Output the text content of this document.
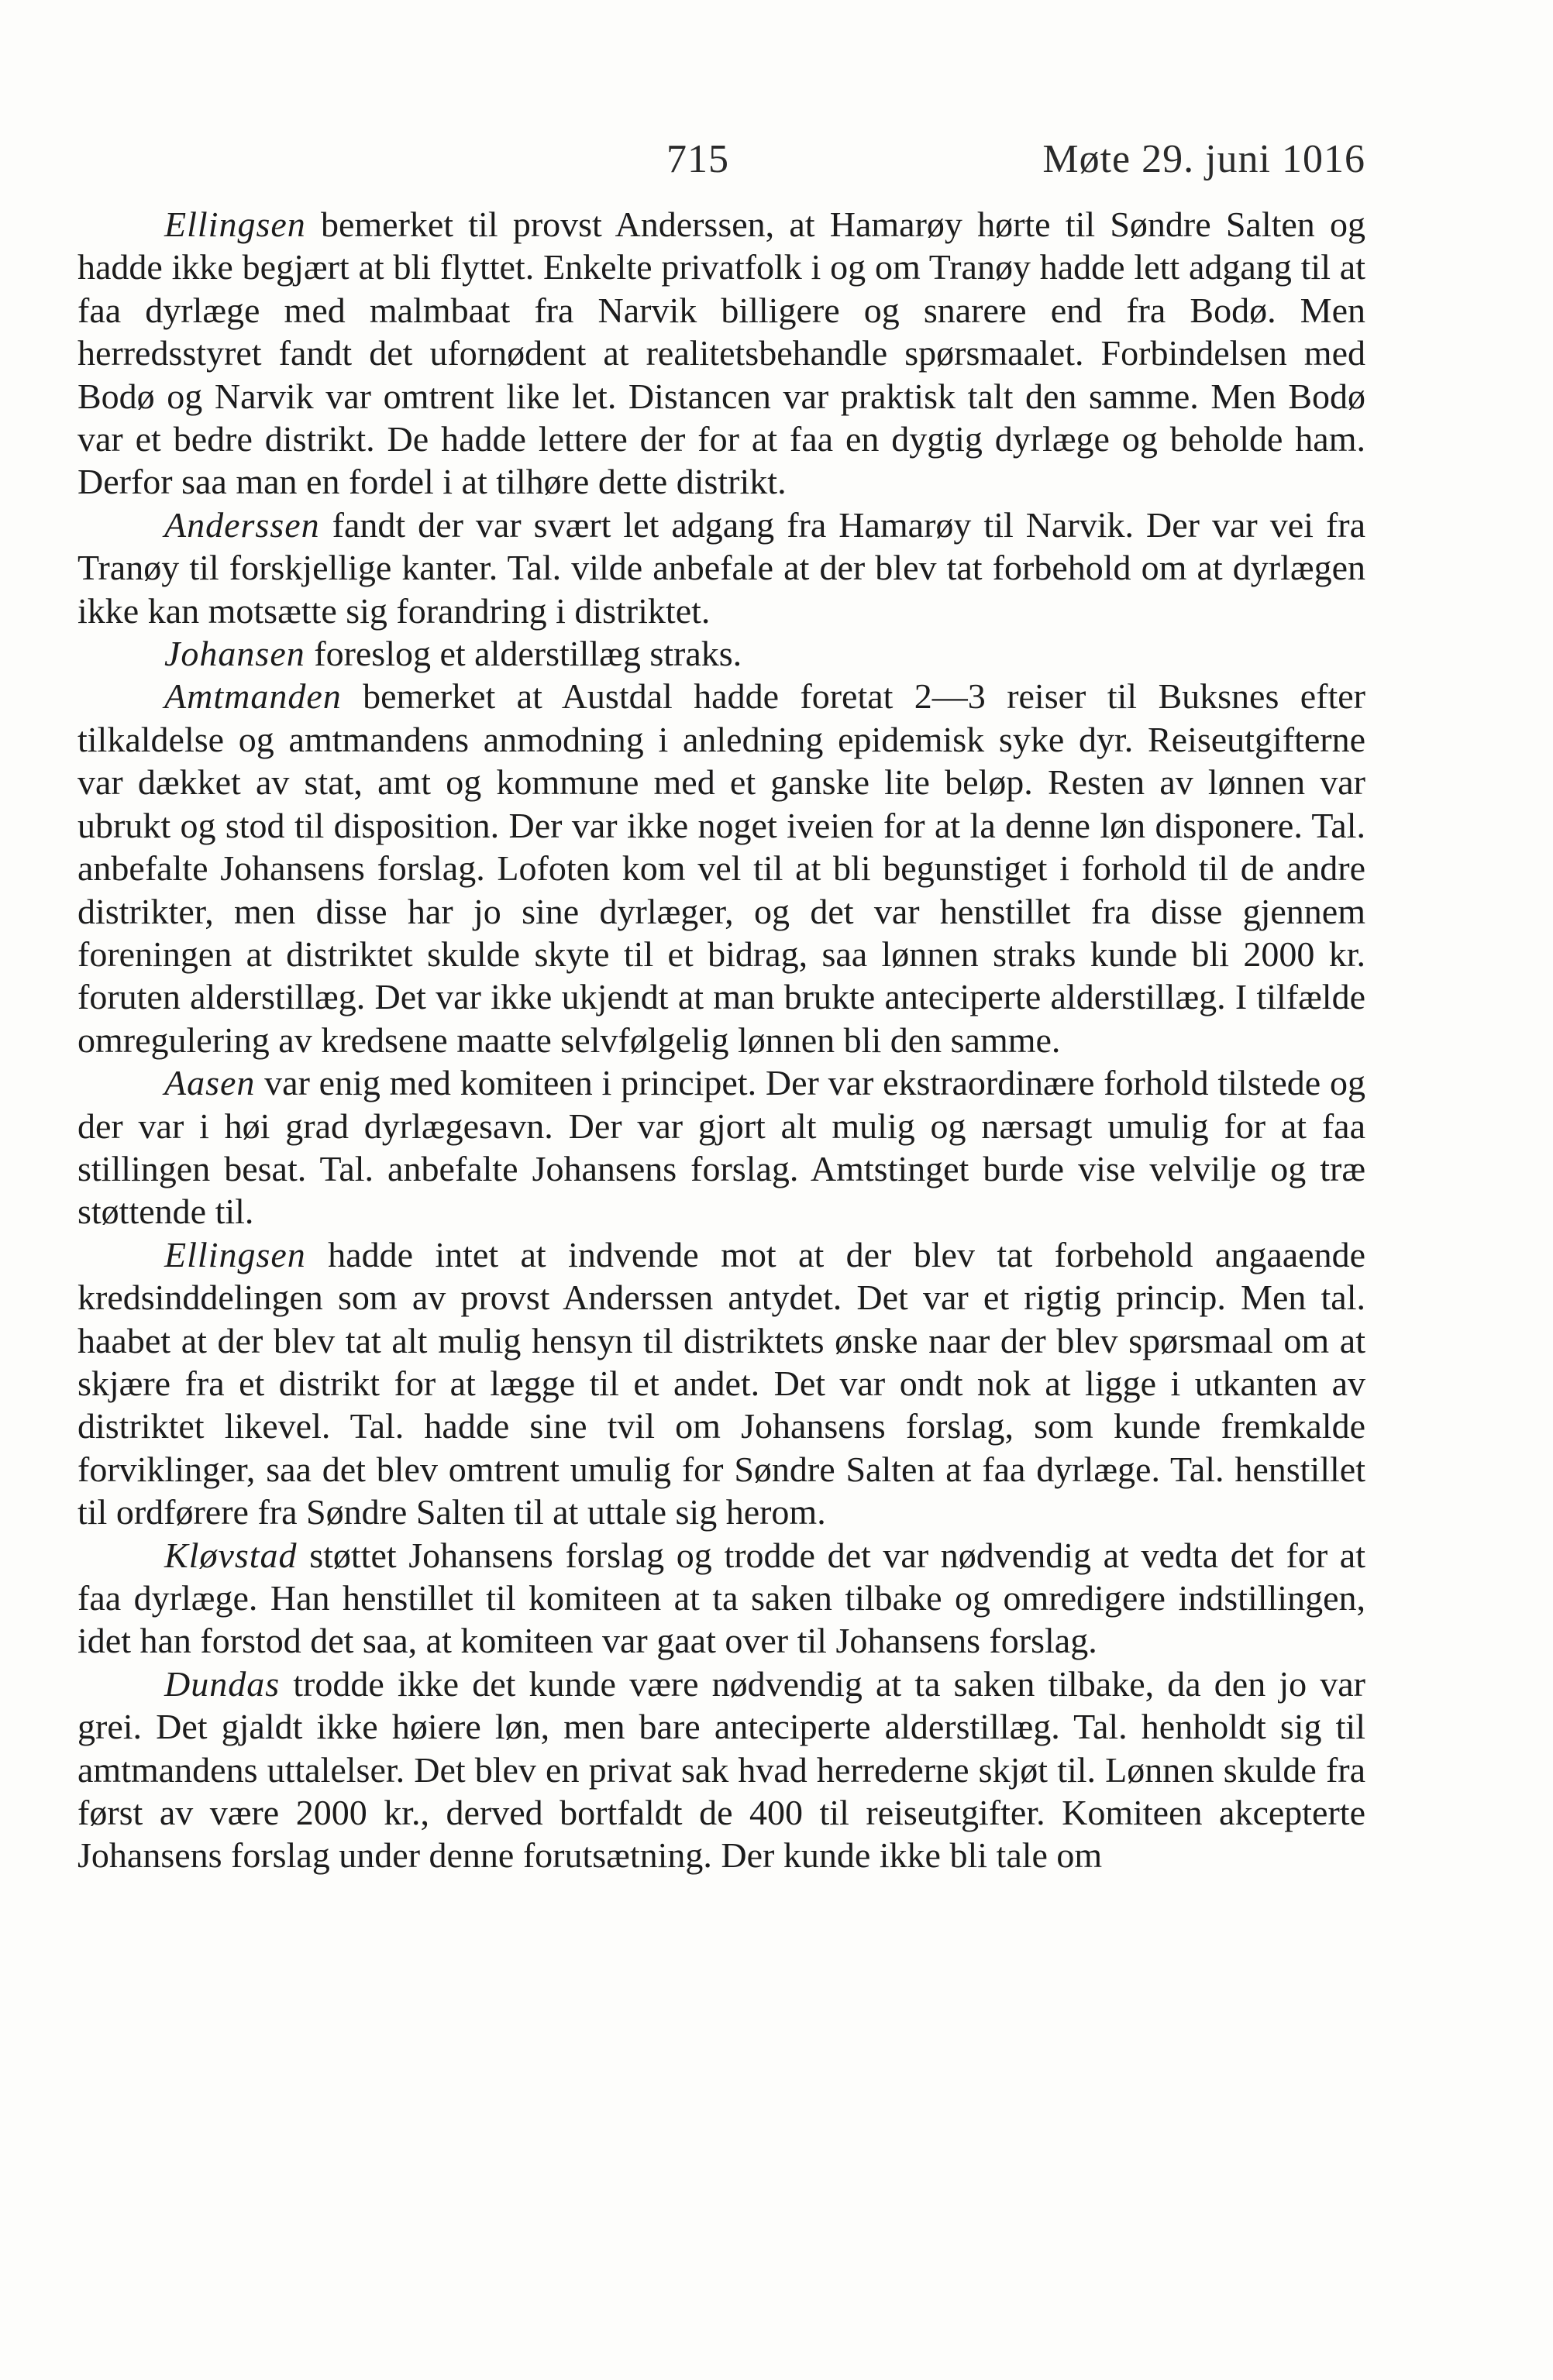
715	Møte 29. juni 1016

Ellingsen bemerket til provst Anderssen, at Hamarøy hørte til Søndre Salten og hadde ikke begjært at bli flyttet. Enkelte privatfolk i og om Tranøy hadde lett adgang til at faa dyrlæge med malmbaat fra Narvik billigere og snarere end fra Bodø. Men herredsstyret fandt det ufornødent at realitetsbehandle spørsmaalet. Forbindelsen med Bodø og Narvik var omtrent like let. Distancen var praktisk talt den samme. Men Bodø var et bedre distrikt. De hadde lettere der for at faa en dygtig dyrlæge og beholde ham. Derfor saa man en fordel i at tilhøre dette distrikt.

Anderssen fandt der var svært let adgang fra Hamarøy til Narvik. Der var vei fra Tranøy til forskjellige kanter. Tal. vilde anbefale at der blev tat forbehold om at dyrlægen ikke kan motsætte sig forandring i distriktet.

Johansen foreslog et alderstillæg straks.

Amtmanden bemerket at Austdal hadde foretat 2—3 reiser til Buksnes efter tilkaldelse og amtmandens anmodning i anledning epidemisk syke dyr. Reiseutgifterne var dækket av stat, amt og kommune med et ganske lite beløp. Resten av lønnen var ubrukt og stod til disposition. Der var ikke noget iveien for at la denne løn disponere. Tal. anbefalte Johansens forslag. Lofoten kom vel til at bli begunstiget i forhold til de andre distrikter, men disse har jo sine dyrlæger, og det var henstillet fra disse gjennem foreningen at distriktet skulde skyte til et bidrag, saa lønnen straks kunde bli 2000 kr. foruten alderstillæg. Det var ikke ukjendt at man brukte anteciperte alderstillæg. I tilfælde omregulering av kredsene maatte selvfølgelig lønnen bli den samme.

Aasen var enig med komiteen i principet. Der var ekstraordinære forhold tilstede og der var i høi grad dyrlægesavn. Der var gjort alt mulig og nærsagt umulig for at faa stillingen besat. Tal. anbefalte Johansens forslag. Amtstinget burde vise velvilje og træ støttende til.

Ellingsen hadde intet at indvende mot at der blev tat forbehold angaaende kredsinddelingen som av provst Anderssen antydet. Det var et rigtig princip. Men tal. haabet at der blev tat alt mulig hensyn til distriktets ønske naar der blev spørsmaal om at skjære fra et distrikt for at lægge til et andet. Det var ondt nok at ligge i utkanten av distriktet likevel. Tal. hadde sine tvil om Johansens forslag, som kunde fremkalde forviklinger, saa det blev omtrent umulig for Søndre Salten at faa dyrlæge. Tal. henstillet til ordførere fra Søndre Salten til at uttale sig herom.

Kløvstad støttet Johansens forslag og trodde det var nødvendig at vedta det for at faa dyrlæge. Han henstillet til komiteen at ta saken tilbake og omredigere indstillingen, idet han forstod det saa, at komiteen var gaat over til Johansens forslag.

Dundas trodde ikke det kunde være nødvendig at ta saken tilbake, da den jo var grei. Det gjaldt ikke høiere løn, men bare anteciperte alderstillæg. Tal. henholdt sig til amtmandens uttalelser. Det blev en privat sak hvad herrederne skjøt til. Lønnen skulde fra først av være 2000 kr., derved bortfaldt de 400 til reiseutgifter. Komiteen akcepterte Johansens forslag under denne forutsætning. Der kunde ikke bli tale om
